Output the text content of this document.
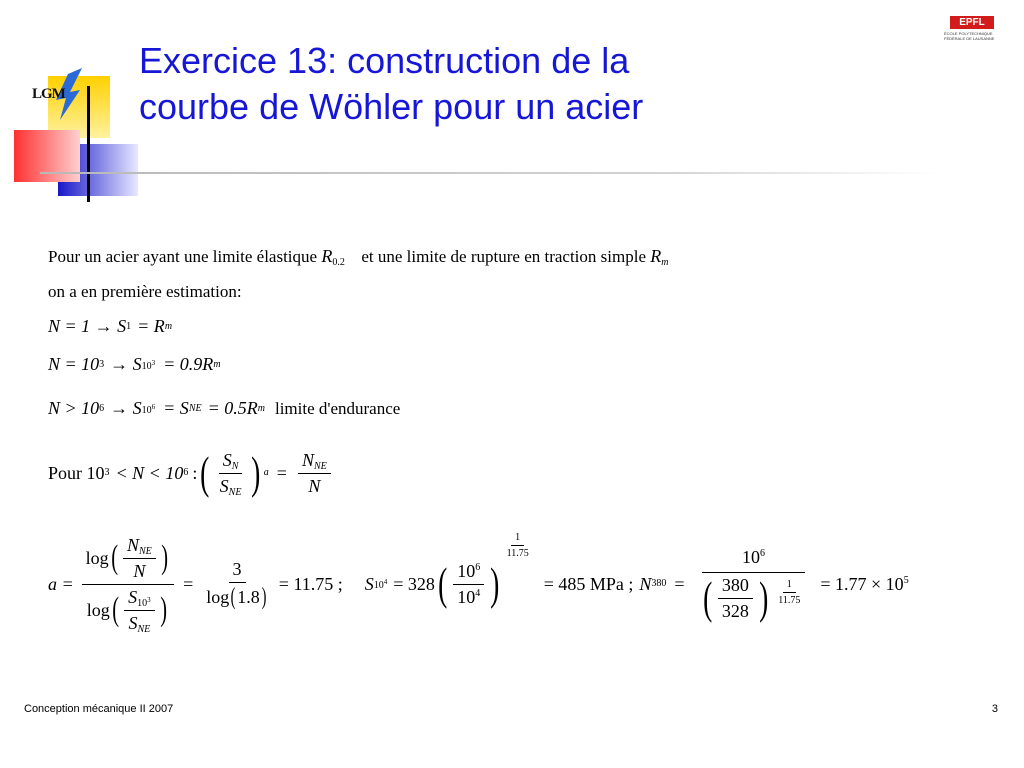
LGM
EPFL
ÉCOLE POLYTECHNIQUE FÉDÉRALE DE LAUSANNE
Exercice 13: construction de la
courbe de Wöhler pour un acier
Pour un acier ayant une limite élastique $R_{0.2}$ et une limite de rupture en traction simple $R_m$
on a en première estimation:
N = 1 → S 1 = R m
N = 10 3 → S $10^3 = 0.9R$ m
N > 10 6 → S $10^6 = S$ NE = 0.5R m limite d'endurance
Pour 10 3 < N < 10 6 : ( $\frac{S_N}{S_{NE}}$ ) $a = \frac{N_{NE}}{N}$
$a = \frac{\log ( \frac{N_{NE}}{N} )}{\log ( \frac{S_{10^3}}{S_{NE}} )} = \frac{3}{\log ( 1.8 )} = 11.75$ ; S $10^4 = 328$ ( $\frac{10^6}{10^4}$ )
$\frac{1}{11.75}$
= 485 MPa ; N $380 = \frac{10^6}{( \frac{380}{328} ) \frac{1}{11.75}} = 1.77 \times 10^5$
Conception mécanique II 2007	3
